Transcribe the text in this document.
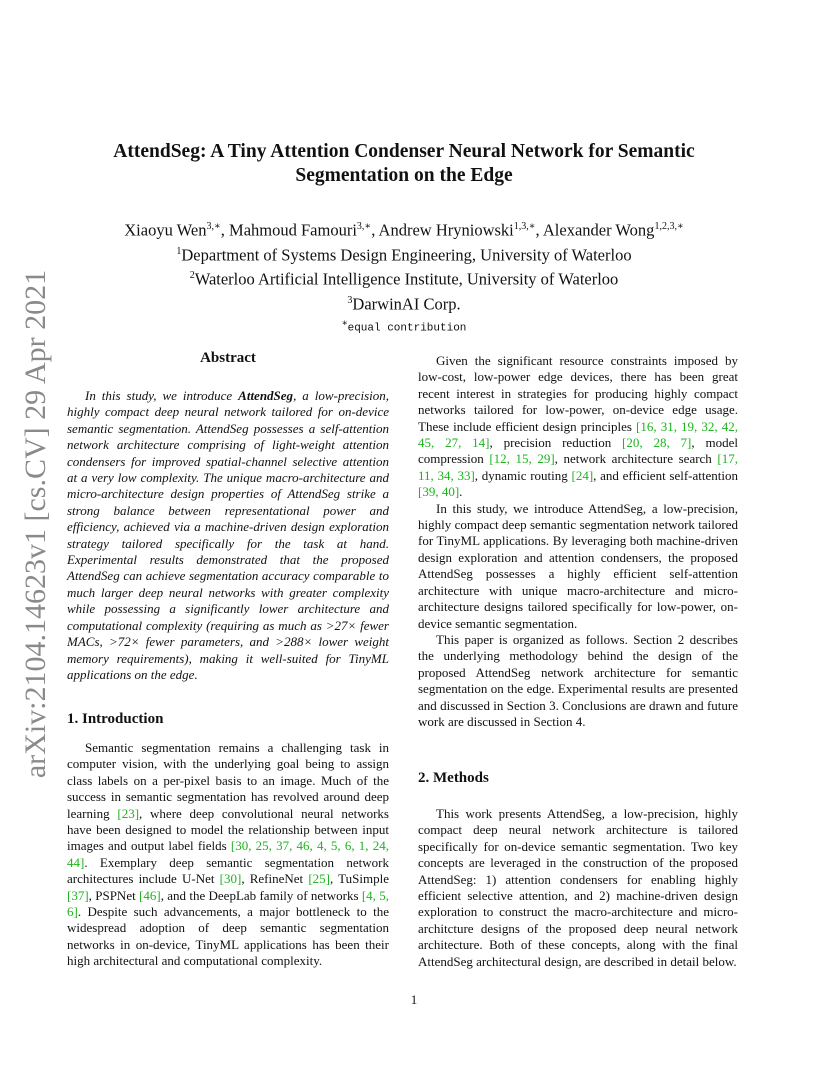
arXiv:2104.14623v1 [cs.CV] 29 Apr 2021
AttendSeg: A Tiny Attention Condenser Neural Network for Semantic
Segmentation on the Edge
Xiaoyu Wen$^{3,∗}$, Mahmoud Famouri$^{3,∗}$, Andrew Hryniowski$^{1,3,∗}$, Alexander Wong$^{1,2,3,∗}$
$^1$Department of Systems Design Engineering, University of Waterloo
$^2$Waterloo Artificial Intelligence Institute, University of Waterloo
$^3$DarwinAI Corp.
∗equal contribution
Abstract

In this study, we introduce AttendSeg, a low-precision, highly compact deep neural network tailored for on-device semantic segmentation. AttendSeg possesses a self-attention network architecture comprising of light-weight attention condensers for improved spatial-channel selective attention at a very low complexity. The unique macro-architecture and micro-architecture design properties of AttendSeg strike a strong balance between representational power and efficiency, achieved via a machine-driven design exploration strategy tailored specifically for the task at hand. Experimental results demonstrated that the proposed AttendSeg can achieve segmentation accuracy comparable to much larger deep neural networks with greater complexity while possessing a significantly lower architecture and computational complexity (requiring as much as >27× fewer MACs, >72× fewer parameters, and >288× lower weight memory requirements), making it well-suited for TinyML applications on the edge.

1. Introduction

Semantic segmentation remains a challenging task in computer vision, with the underlying goal being to assign class labels on a per-pixel basis to an image. Much of the success in semantic segmentation has revolved around deep learning [23], where deep convolutional neural networks have been designed to model the relationship between input images and output label fields [30, 25, 37, 46, 4, 5, 6, 1, 24, 44]. Exemplary deep semantic segmentation network architectures include U-Net [30], RefineNet [25], TuSimple [37], PSPNet [46], and the DeepLab family of networks [4, 5, 6]. Despite such advancements, a major bottleneck to the widespread adoption of deep semantic segmentation networks in on-device, TinyML applications has been their high architectural and computational complexity.

Given the significant resource constraints imposed by low-cost, low-power edge devices, there has been great recent interest in strategies for producing highly compact networks tailored for low-power, on-device edge usage. These include efficient design principles [16, 31, 19, 32, 42, 45, 27, 14], precision reduction [20, 28, 7], model compression [12, 15, 29], network architecture search [17, 11, 34, 33], dynamic routing [24], and efficient self-attention [39, 40].

In this study, we introduce AttendSeg, a low-precision, highly compact deep semantic segmentation network tailored for TinyML applications. By leveraging both machine-driven design exploration and attention condensers, the proposed AttendSeg possesses a highly efficient self-attention architecture with unique macro-architecture and micro-architecture designs tailored specifically for low-power, on-device semantic segmentation.

This paper is organized as follows. Section 2 describes the underlying methodology behind the design of the proposed AttendSeg network architecture for semantic segmentation on the edge. Experimental results are presented and discussed in Section 3. Conclusions are drawn and future work are discussed in Section 4.

2. Methods

This work presents AttendSeg, a low-precision, highly compact deep neural network architecture is tailored specifically for on-device semantic segmentation. Two key concepts are leveraged in the construction of the proposed AttendSeg: 1) attention condensers for enabling highly efficient selective attention, and 2) machine-driven design exploration to construct the macro-architecture and micro-architcture designs of the proposed deep neural network architecture. Both of these concepts, along with the final AttendSeg architectural design, are described in detail below.

1
